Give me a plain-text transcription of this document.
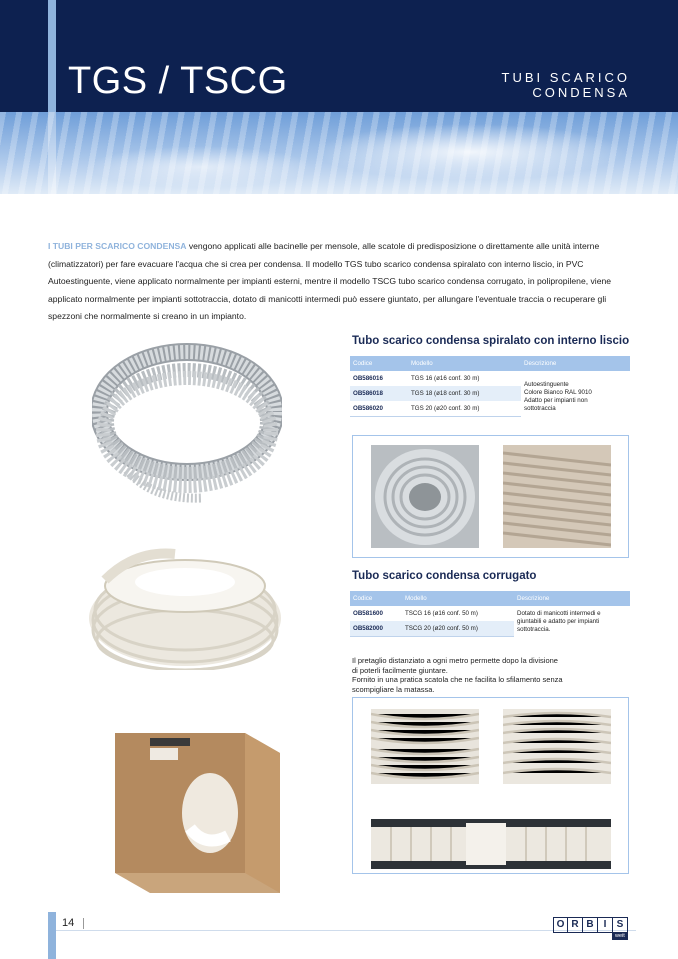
TGS / TSCG	TUBI SCARICO
CONDENSA

I TUBI PER SCARICO CONDENSA vengono applicati alle bacinelle per mensole, alle scatole di predisposizione o direttamente alle unità interne (climatizzatori) per fare evacuare l'acqua che si crea per condensa. Il modello TGS tubo scarico condensa spiralato con interno liscio, in PVC Autoestinguente, viene applicato normalmente per impianti esterni, mentre il modello TSCG tubo scarico condensa corrugato, in polipropilene, viene applicato normalmente per impianti sottotraccia, dotato di manicotti intermedi può essere giuntato, per allungare l'eventuale traccia o recuperare gli spezzoni che normalmente si creano in un impianto.

Tubo scarico condensa spiralato con interno liscio
Codice	Modello	Descrizione
OB586016	TGS 16 (ø16 conf. 30 m)	Autoestinguente
Colore Bianco RAL 9010
Adatto per impianti non
sottotraccia

OB586018	TGS 18 (ø18 conf. 30 m)	
OB586020	TGS 20 (ø20 conf. 30 m)	
Tubo scarico condensa corrugato
Codice	Modello	Descrizione
OB581600	TSCG 16 (ø16 conf. 50 m)	Dotato di manicotti intermedi e
giuntabili e adatto per impianti
sottotraccia.

OB582000	TSCG 20 (ø20 conf. 50 m)	
Il pretaglio distanziato a ogni metro permette dopo la divisione
di poterli facilmente giuntare.
Fornito in una pratica scatola che ne facilita lo sfilamento senza
scompigliare la matassa.
14	O R B	I	S
weit
